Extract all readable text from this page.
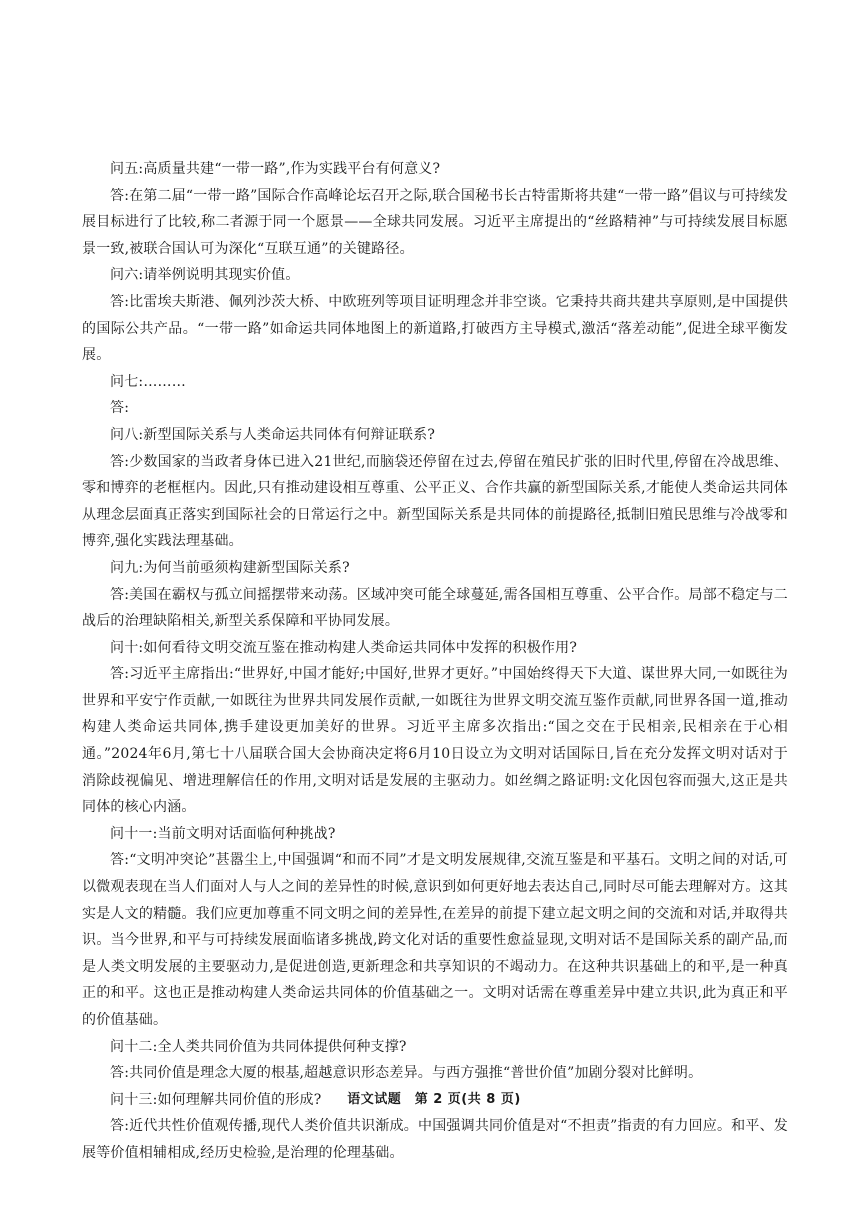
问五:高质量共建“一带一路”,作为实践平台有何意义?

答:在第二届“一带一路”国际合作高峰论坛召开之际,联合国秘书长古特雷斯将共建“一带一路”倡议与可持续发展目标进行了比较,称二者源于同一个愿景——全球共同发展。习近平主席提出的“丝路精神”与可持续发展目标愿景一致,被联合国认可为深化“互联互通”的关键路径。

问六:请举例说明其现实价值。

答:比雷埃夫斯港、佩列沙茨大桥、中欧班列等项目证明理念并非空谈。它秉持共商共建共享原则,是中国提供的国际公共产品。“一带一路”如命运共同体地图上的新道路,打破西方主导模式,激活“落差动能”,促进全球平衡发展。

问七:………

答:

问八:新型国际关系与人类命运共同体有何辩证联系?

答:少数国家的当政者身体已进入21世纪,而脑袋还停留在过去,停留在殖民扩张的旧时代里,停留在冷战思维、零和博弈的老框框内。因此,只有推动建设相互尊重、公平正义、合作共赢的新型国际关系,才能使人类命运共同体从理念层面真正落实到国际社会的日常运行之中。新型国际关系是共同体的前提路径,抵制旧殖民思维与冷战零和博弈,强化实践法理基础。

问九:为何当前亟须构建新型国际关系?

答:美国在霸权与孤立间摇摆带来动荡。区域冲突可能全球蔓延,需各国相互尊重、公平合作。局部不稳定与二战后的治理缺陷相关,新型关系保障和平协同发展。

问十:如何看待文明交流互鉴在推动构建人类命运共同体中发挥的积极作用?

答:习近平主席指出:“世界好,中国才能好;中国好,世界才更好。”中国始终得天下大道、谋世界大同,一如既往为世界和平安宁作贡献,一如既往为世界共同发展作贡献,一如既往为世界文明交流互鉴作贡献,同世界各国一道,推动构建人类命运共同体,携手建设更加美好的世界。习近平主席多次指出:“国之交在于民相亲,民相亲在于心相通。”2024年6月,第七十八届联合国大会协商决定将6月10日设立为文明对话国际日,旨在充分发挥文明对话对于消除歧视偏见、增进理解信任的作用,文明对话是发展的主驱动力。如丝绸之路证明:文化因包容而强大,这正是共同体的核心内涵。

问十一:当前文明对话面临何种挑战?

答:“文明冲突论”甚嚣尘上,中国强调“和而不同”才是文明发展规律,交流互鉴是和平基石。文明之间的对话,可以微观表现在当人们面对人与人之间的差异性的时候,意识到如何更好地去表达自己,同时尽可能去理解对方。这其实是人文的精髓。我们应更加尊重不同文明之间的差异性,在差异的前提下建立起文明之间的交流和对话,并取得共识。当今世界,和平与可持续发展面临诸多挑战,跨文化对话的重要性愈益显现,文明对话不是国际关系的副产品,而是人类文明发展的主要驱动力,是促进创造,更新理念和共享知识的不竭动力。在这种共识基础上的和平,是一种真正的和平。这也正是推动构建人类命运共同体的价值基础之一。文明对话需在尊重差异中建立共识,此为真正和平的价值基础。

问十二:全人类共同价值为共同体提供何种支撑?

答:共同价值是理念大厦的根基,超越意识形态差异。与西方强推“普世价值”加剧分裂对比鲜明。

问十三:如何理解共同价值的形成?

答:近代共性价值观传播,现代人类价值共识渐成。中国强调共同价值是对“不担责”指责的有力回应。和平、发展等价值相辅相成,经历史检验,是治理的伦理基础。

语文试题　第 2 页(共 8 页)
